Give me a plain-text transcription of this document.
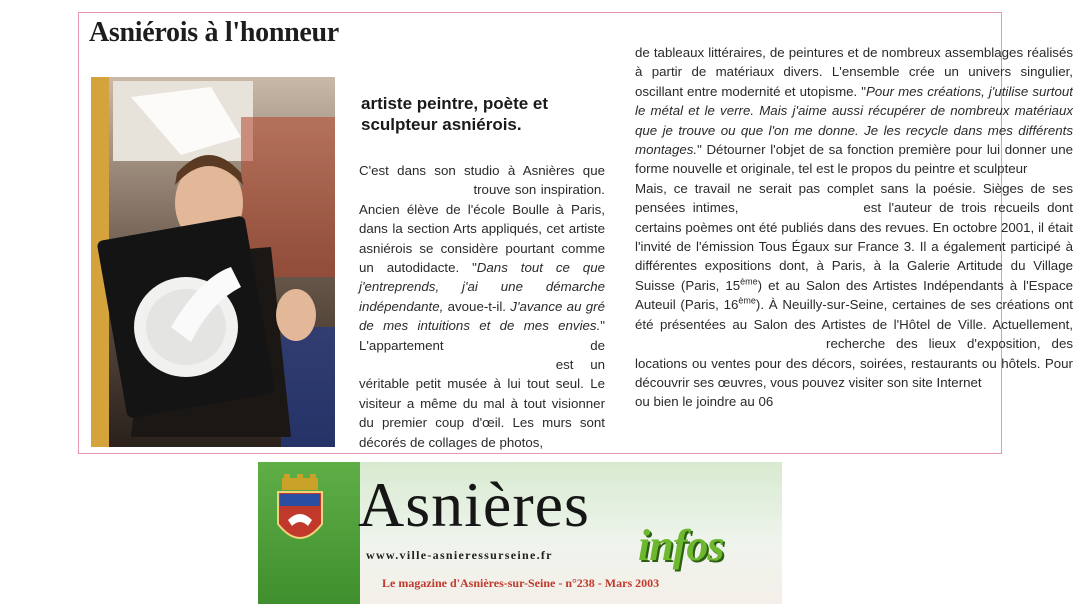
Asniérois à l'honneur
artiste peintre, poète et sculpteur asniérois.

C'est dans son studio à Asnières que  trouve son inspiration. Ancien élève de l'école Boulle à Paris, dans la section Arts appliqués, cet artiste asniérois se considère pourtant comme un autodidacte. "Dans tout ce que j'entreprends, j'ai une démarche indépendante, avoue-t-il. J'avance au gré de mes intuitions et de mes envies." L'appartement de  est un véritable petit musée à lui tout seul. Le visiteur a même du mal à tout visionner du premier coup d'œil. Les murs sont décorés de collages de photos,

de tableaux littéraires, de peintures et de nombreux assemblages réalisés à partir de matériaux divers. L'ensemble crée un univers singulier, oscillant entre modernité et utopisme. "Pour mes créations, j'utilise surtout le métal et le verre. Mais j'aime aussi récupérer de nombreux matériaux que je trouve ou que l'on me donne. Je les recycle dans mes différents montages." Détourner l'objet de sa fonction première pour lui donner une forme nouvelle et originale, tel est le propos du peintre et sculpteur

Mais, ce travail ne serait pas complet sans la poésie. Sièges de ses pensées intimes,	est l'auteur de trois recueils dont certains poèmes ont été publiés dans des revues. En octobre 2001, il était l'invité de l'émission Tous Égaux sur France 3. Il a également participé à différentes expositions dont, à Paris, à la Galerie Artitude du Village Suisse (Paris, 15ème) et au Salon des Artistes Indépendants à l'Espace Auteuil (Paris, 16ème). À Neuilly-sur-Seine, certaines de ses créations ont été présentées au Salon des Artistes de l'Hôtel de Ville. Actuellement,  recherche des lieux d'exposition, des locations ou ventes pour des décors, soirées, restaurants ou hôtels. Pour découvrir ses œuvres, vous pouvez visiter son site Internet

ou bien le joindre au 06

Asnières
infos
www.ville-asnieressurseine.fr
Le magazine d'Asnières-sur-Seine - n°238 - Mars 2003
